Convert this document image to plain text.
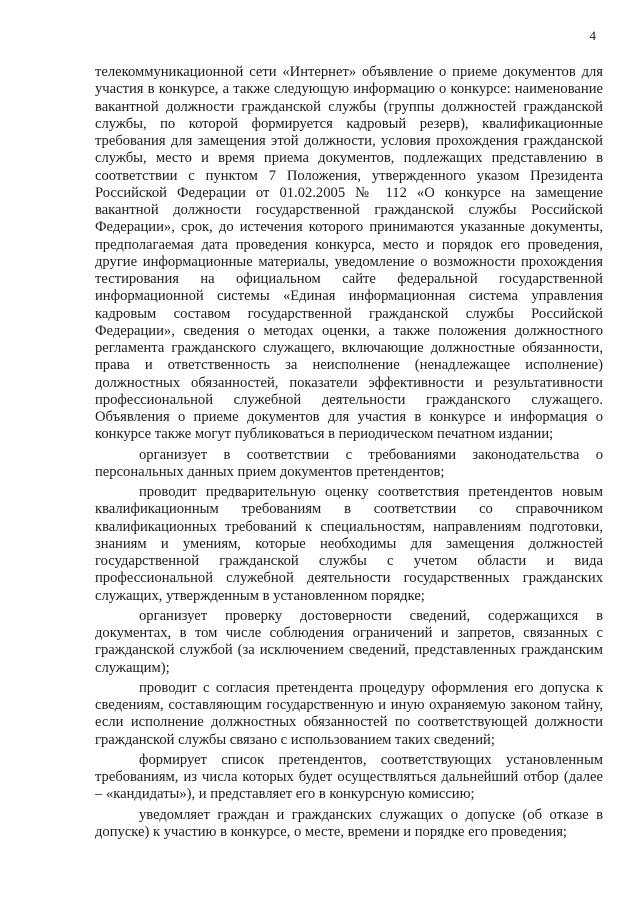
4

телекоммуникационной сети «Интернет» объявление о приеме документов для участия в конкурсе, а также следующую информацию о конкурсе: наименование вакантной должности гражданской службы (группы должностей гражданской службы, по которой формируется кадровый резерв), квалификационные требования для замещения этой должности, условия прохождения гражданской службы, место и время приема документов, подлежащих представлению в соответствии с пунктом 7 Положения, утвержденного указом Президента Российской Федерации от 01.02.2005 № 112 «О конкурсе на замещение вакантной должности государственной гражданской службы Российской Федерации», срок, до истечения которого принимаются указанные документы, предполагаемая дата проведения конкурса, место и порядок его проведения, другие информационные материалы, уведомление о возможности прохождения тестирования на официальном сайте федеральной государственной информационной системы «Единая информационная система управления кадровым составом государственной гражданской службы Российской Федерации», сведения о методах оценки, а также положения должностного регламента гражданского служащего, включающие должностные обязанности, права и ответственность за неисполнение (ненадлежащее исполнение) должностных обязанностей, показатели эффективности и результативности профессиональной служебной деятельности гражданского служащего. Объявления о приеме документов для участия в конкурсе и информация о конкурсе также могут публиковаться в периодическом печатном издании;

организует в соответствии с требованиями законодательства о персональных данных прием документов претендентов;

проводит предварительную оценку соответствия претендентов новым квалификационным требованиям в соответствии со справочником квалификационных требований к специальностям, направлениям подготовки, знаниям и умениям, которые необходимы для замещения должностей государственной гражданской службы с учетом области и вида профессиональной служебной деятельности государственных гражданских служащих, утвержденным в установленном порядке;

организует проверку достоверности сведений, содержащихся в документах, в том числе соблюдения ограничений и запретов, связанных с гражданской службой (за исключением сведений, представленных гражданским служащим);

проводит с согласия претендента процедуру оформления его допуска к сведениям, составляющим государственную и иную охраняемую законом тайну, если исполнение должностных обязанностей по соответствующей должности гражданской службы связано с использованием таких сведений;

формирует список претендентов, соответствующих установленным требованиям, из числа которых будет осуществляться дальнейший отбор (далее – «кандидаты»), и представляет его в конкурсную комиссию;

уведомляет граждан и гражданских служащих о допуске (об отказе в допуске) к участию в конкурсе, о месте, времени и порядке его проведения;
